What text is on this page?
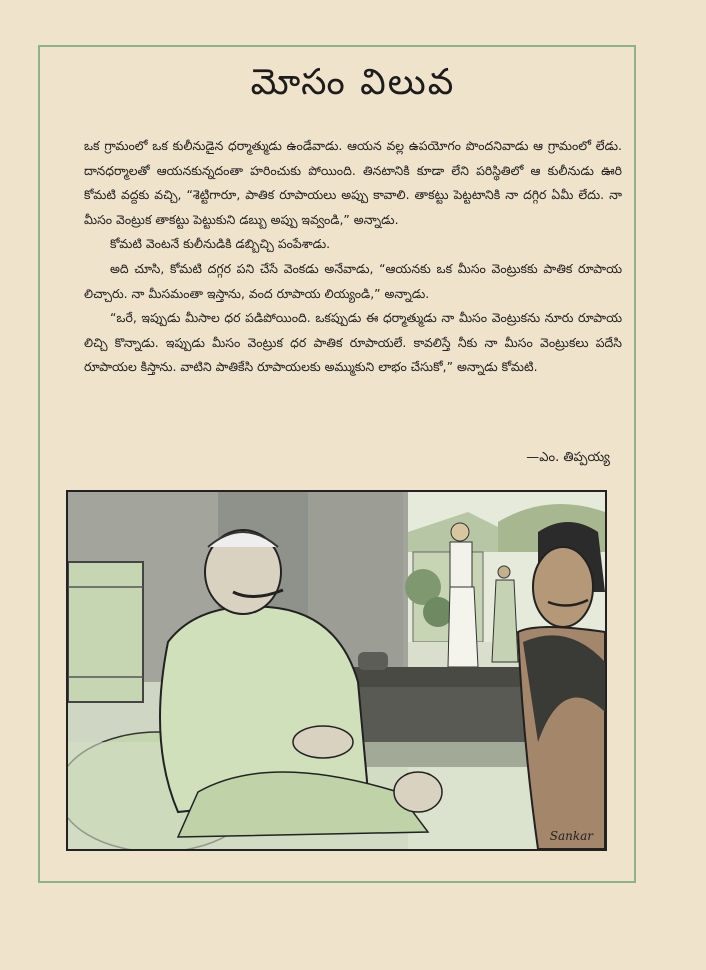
మోసం విలువ

ఒక గ్రామంలో ఒక కులీనుడైన ధర్మాత్ముడు ఉండేవాడు. ఆయన వల్ల ఉపయోగం పొందనివాడు ఆ గ్రామంలో లేడు. దానధర్మాలతో ఆయనకున్నదంతా హరించుకు పోయింది. తినటానికి కూడా లేని పరిస్థితిలో ఆ కులీనుడు ఊరి కోమటి వద్దకు వచ్చి, “శెట్టిగారూ, పాతిక రూపాయలు అప్పు కావాలి. తాకట్టు పెట్టటానికి నా దగ్గిర ఏమీ లేదు. నా మీసం వెంట్రుక తాకట్టు పెట్టుకుని డబ్బు అప్పు ఇవ్వండి,” అన్నాడు.

కోమటి వెంటనే కులీనుడికి డబ్బిచ్చి పంపేశాడు.

అది చూసి, కోమటి దగ్గర పని చేసే వెంకడు అనేవాడు, “ఆయనకు ఒక మీసం వెంట్రుకకు పాతిక రూపాయ లిచ్చారు. నా మీసమంతా ఇస్తాను, వంద రూపాయ లియ్యండి,” అన్నాడు.

“ఒరే, ఇప్పుడు మీసాల ధర పడిపోయింది. ఒకప్పుడు ఈ ధర్మాత్ముడు నా మీసం వెంట్రుకను నూరు రూపాయ లిచ్చి కొన్నాడు. ఇప్పుడు మీసం వెంట్రుక ధర పాతిక రూపాయలే. కావలిస్తే నీకు నా మీసం వెంట్రుకలు పదేసి రూపాయల కిస్తాను. వాటిని పాతికేసి రూపాయలకు అమ్ముకుని లాభం చేసుకో,” అన్నాడు కోమటి.

—ఎం. తిప్పయ్య
Sankar
